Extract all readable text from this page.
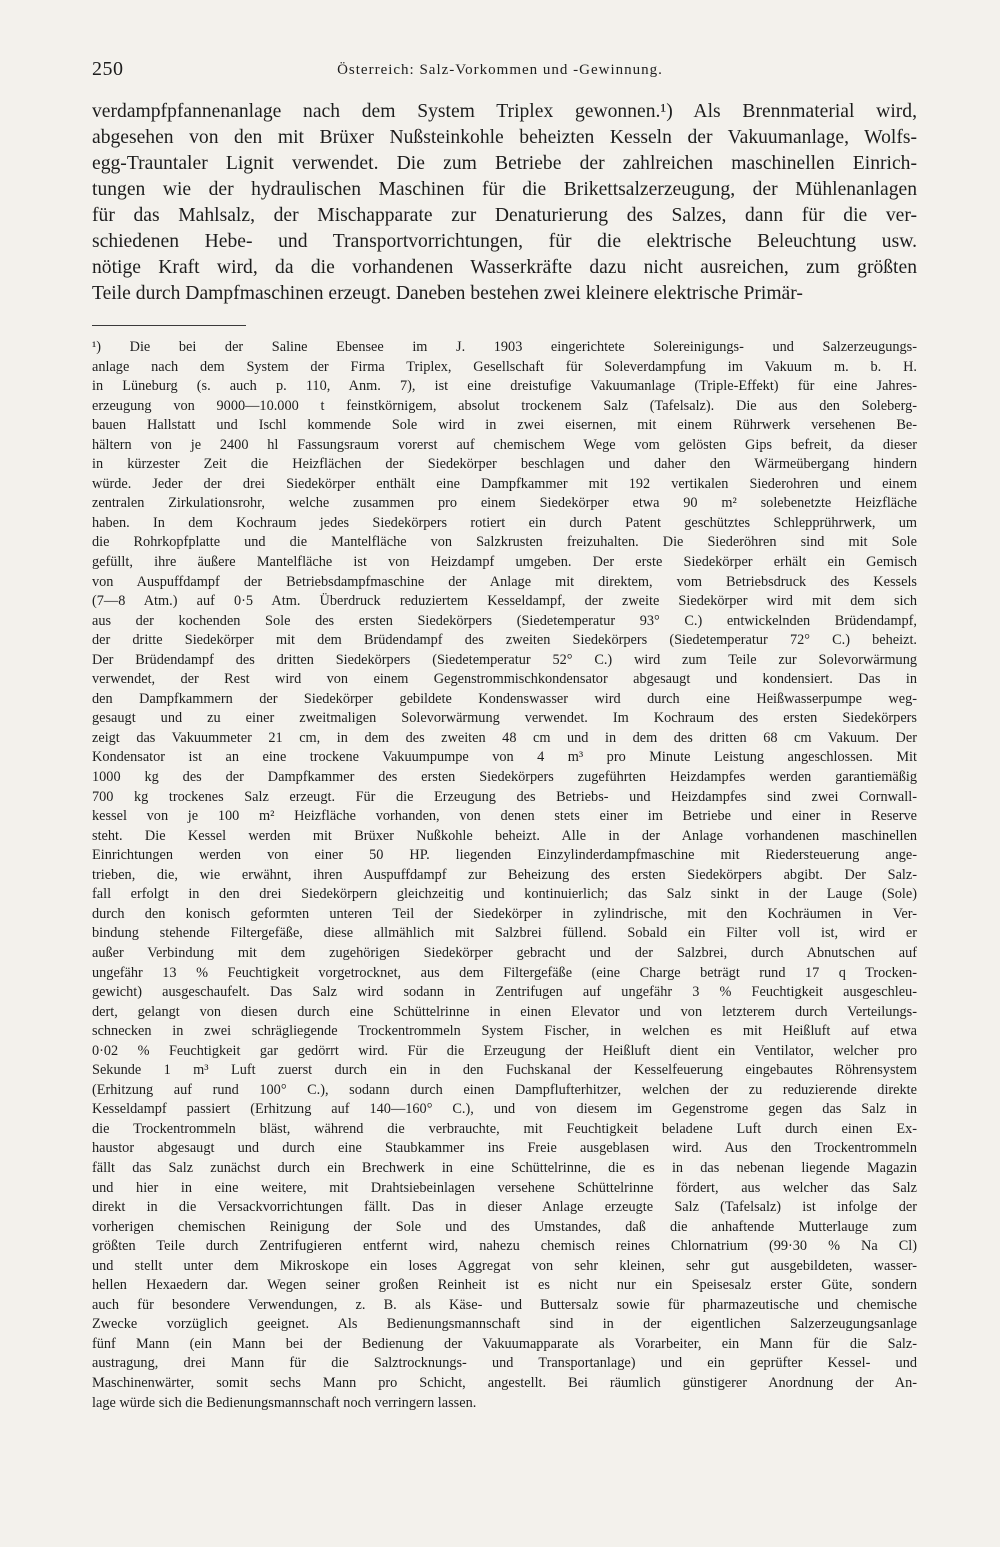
250	Österreich: Salz-Vorkommen und -Gewinnung.
verdampfpfannenanlage nach dem System Triplex gewonnen.¹) Als Brennmaterial wird,
abgesehen von den mit Brüxer Nußsteinkohle beheizten Kesseln der Vakuumanlage, Wolfs-
egg-Trauntaler Lignit verwendet. Die zum Betriebe der zahlreichen maschinellen Einrich-
tungen wie der hydraulischen Maschinen für die Brikettsalzerzeugung, der Mühlenanlagen
für das Mahlsalz, der Mischapparate zur Denaturierung des Salzes, dann für die ver-
schiedenen Hebe- und Transportvorrichtungen, für die elektrische Beleuchtung usw.
nötige Kraft wird, da die vorhandenen Wasserkräfte dazu nicht ausreichen, zum größten
Teile durch Dampfmaschinen erzeugt. Daneben bestehen zwei kleinere elektrische Primär-
¹) Die bei der Saline Ebensee im J. 1903 eingerichtete Solereinigungs- und Salzerzeugungs-
anlage nach dem System der Firma Triplex, Gesellschaft für Soleverdampfung im Vakuum m. b. H.
in Lüneburg (s. auch p. 110, Anm. 7), ist eine dreistufige Vakuumanlage (Triple-Effekt) für eine Jahres-
erzeugung von 9000—10.000 t feinstkörnigem, absolut trockenem Salz (Tafelsalz). Die aus den Soleberg-
bauen Hallstatt und Ischl kommende Sole wird in zwei eisernen, mit einem Rührwerk versehenen Be-
hältern von je 2400 hl Fassungsraum vorerst auf chemischem Wege vom gelösten Gips befreit, da dieser
in kürzester Zeit die Heizflächen der Siedekörper beschlagen und daher den Wärmeübergang hindern
würde. Jeder der drei Siedekörper enthält eine Dampfkammer mit 192 vertikalen Siederohren und einem
zentralen Zirkulationsrohr, welche zusammen pro einem Siedekörper etwa 90 m² solebenetzte Heizfläche
haben. In dem Kochraum jedes Siedekörpers rotiert ein durch Patent geschütztes Schlepprührwerk, um
die Rohrkopfplatte und die Mantelfläche von Salzkrusten freizuhalten. Die Siederöhren sind mit Sole
gefüllt, ihre äußere Mantelfläche ist von Heizdampf umgeben. Der erste Siedekörper erhält ein Gemisch
von Auspuffdampf der Betriebsdampfmaschine der Anlage mit direktem, vom Betriebsdruck des Kessels
(7—8 Atm.) auf 0·5 Atm. Überdruck reduziertem Kesseldampf, der zweite Siedekörper wird mit dem sich
aus der kochenden Sole des ersten Siedekörpers (Siedetemperatur 93° C.) entwickelnden Brüdendampf,
der dritte Siedekörper mit dem Brüdendampf des zweiten Siedekörpers (Siedetemperatur 72° C.) beheizt.
Der Brüdendampf des dritten Siedekörpers (Siedetemperatur 52° C.) wird zum Teile zur Solevorwärmung
verwendet, der Rest wird von einem Gegenstrommischkondensator abgesaugt und kondensiert. Das in
den Dampfkammern der Siedekörper gebildete Kondenswasser wird durch eine Heißwasserpumpe weg-
gesaugt und zu einer zweitmaligen Solevorwärmung verwendet. Im Kochraum des ersten Siedekörpers
zeigt das Vakuummeter 21 cm, in dem des zweiten 48 cm und in dem des dritten 68 cm Vakuum. Der
Kondensator ist an eine trockene Vakuumpumpe von 4 m³ pro Minute Leistung angeschlossen. Mit
1000 kg des der Dampfkammer des ersten Siedekörpers zugeführten Heizdampfes werden garantiemäßig
700 kg trockenes Salz erzeugt. Für die Erzeugung des Betriebs- und Heizdampfes sind zwei Cornwall-
kessel von je 100 m² Heizfläche vorhanden, von denen stets einer im Betriebe und einer in Reserve
steht. Die Kessel werden mit Brüxer Nußkohle beheizt. Alle in der Anlage vorhandenen maschinellen
Einrichtungen werden von einer 50 HP. liegenden Einzylinderdampfmaschine mit Riedersteuerung ange-
trieben, die, wie erwähnt, ihren Auspuffdampf zur Beheizung des ersten Siedekörpers abgibt. Der Salz-
fall erfolgt in den drei Siedekörpern gleichzeitig und kontinuierlich; das Salz sinkt in der Lauge (Sole)
durch den konisch geformten unteren Teil der Siedekörper in zylindrische, mit den Kochräumen in Ver-
bindung stehende Filtergefäße, diese allmählich mit Salzbrei füllend. Sobald ein Filter voll ist, wird er
außer Verbindung mit dem zugehörigen Siedekörper gebracht und der Salzbrei, durch Abnutschen auf
ungefähr 13 % Feuchtigkeit vorgetrocknet, aus dem Filtergefäße (eine Charge beträgt rund 17 q Trocken-
gewicht) ausgeschaufelt. Das Salz wird sodann in Zentrifugen auf ungefähr 3 % Feuchtigkeit ausgeschleu-
dert, gelangt von diesen durch eine Schüttelrinne in einen Elevator und von letzterem durch Verteilungs-
schnecken in zwei schrägliegende Trockentrommeln System Fischer, in welchen es mit Heißluft auf etwa
0·02 % Feuchtigkeit gar gedörrt wird. Für die Erzeugung der Heißluft dient ein Ventilator, welcher pro
Sekunde 1 m³ Luft zuerst durch ein in den Fuchskanal der Kesselfeuerung eingebautes Röhrensystem
(Erhitzung auf rund 100° C.), sodann durch einen Dampflufterhitzer, welchen der zu reduzierende direkte
Kesseldampf passiert (Erhitzung auf 140—160° C.), und von diesem im Gegenstrome gegen das Salz in
die Trockentrommeln bläst, während die verbrauchte, mit Feuchtigkeit beladene Luft durch einen Ex-
haustor abgesaugt und durch eine Staubkammer ins Freie ausgeblasen wird. Aus den Trockentrommeln
fällt das Salz zunächst durch ein Brechwerk in eine Schüttelrinne, die es in das nebenan liegende Magazin
und hier in eine weitere, mit Drahtsiebeinlagen versehene Schüttelrinne fördert, aus welcher das Salz
direkt in die Versackvorrichtungen fällt. Das in dieser Anlage erzeugte Salz (Tafelsalz) ist infolge der
vorherigen chemischen Reinigung der Sole und des Umstandes, daß die anhaftende Mutterlauge zum
größten Teile durch Zentrifugieren entfernt wird, nahezu chemisch reines Chlornatrium (99·30 % Na Cl)
und stellt unter dem Mikroskope ein loses Aggregat von sehr kleinen, sehr gut ausgebildeten, wasser-
hellen Hexaedern dar. Wegen seiner großen Reinheit ist es nicht nur ein Speisesalz erster Güte, sondern
auch für besondere Verwendungen, z. B. als Käse- und Buttersalz sowie für pharmazeutische und chemische
Zwecke vorzüglich geeignet. Als Bedienungsmannschaft sind in der eigentlichen Salzerzeugungsanlage
fünf Mann (ein Mann bei der Bedienung der Vakuumapparate als Vorarbeiter, ein Mann für die Salz-
austragung, drei Mann für die Salztrocknungs- und Transportanlage) und ein geprüfter Kessel- und
Maschinenwärter, somit sechs Mann pro Schicht, angestellt. Bei räumlich günstigerer Anordnung der An-
lage würde sich die Bedienungsmannschaft noch verringern lassen.
